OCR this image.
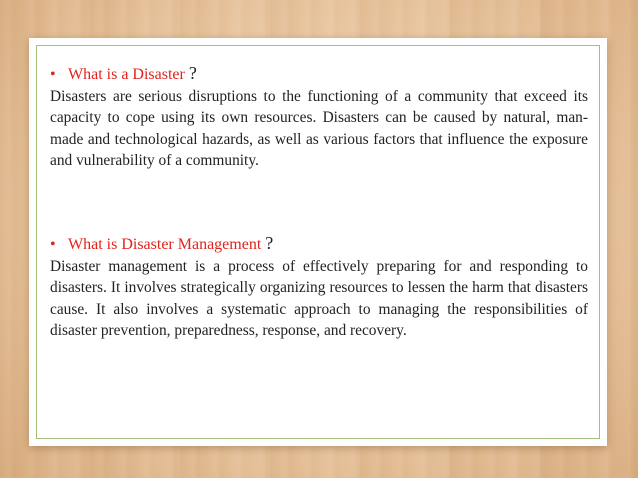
• What is a Disaster ?

Disasters are serious disruptions to the functioning of a community that exceed its capacity to cope using its own resources. Disasters can be caused by natural, man-made and technological hazards, as well as various factors that influence the exposure and vulnerability of a community.

• What is Disaster Management ?

Disaster management is a process of effectively preparing for and responding to disasters. It involves strategically organizing resources to lessen the harm that disasters cause. It also involves a systematic approach to managing the responsibilities of disaster prevention, preparedness, response, and recovery.
